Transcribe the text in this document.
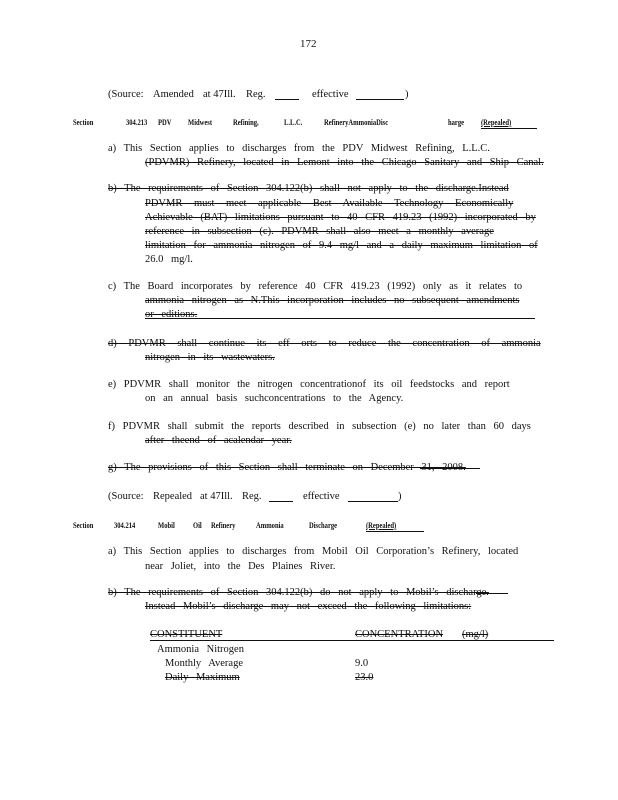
172
(Source: Amended at 47Ill. Reg.	effective	)
Section	304.213 PDV Midwest	Refining,	L.L.C.	RefineryAmmoniaDisc	harge (Repealed)
a) This Section applies to discharges from the PDV Midwest Refining, L.L.C.
(PDVMR) Refinery, located in Lemont into the Chicago Sanitary and Ship Canal.
b) The requirements of Section 304.122(b) shall not apply to the discharge.Instead
PDVMR must meet applicable Best Available Technology Economically
Achievable (BAT) limitations pursuant to 40 CFR 419.23 (1992) incorporated by
reference in subsection (c). PDVMR shall also meet a monthly average
limitation for ammonia nitrogen of 9.4 mg/l and a daily maximum limitation of
26.0 mg/l.
c) The Board incorporates by reference 40 CFR 419.23 (1992) only as it relates to
ammonia nitrogen as N.This incorporation includes no subsequent amendments
or editions.
d) PDVMR shall continue its eff orts to reduce the concentration of ammonia
nitrogen in its wastewaters.
e) PDVMR shall monitor the nitrogen concentrationof its oil feedstocks and report
on an annual basis suchconcentrations to the Agency.
f) PDVMR shall submit the reports described in subsection (e) no later than 60 days
after theend of acalendar year.
g) The provisions of this Section shall terminate on December 31, 2008.
(Source: Repealed at 47Ill. Reg.	effective	)
Section	304.214	Mobil Oil Refinery	Ammonia	Discharge	(Repealed)
a) This Section applies to discharges from Mobil Oil Corporation’s Refinery, located
near Joliet, into the Des Plaines River.
b) The requirements of Section 304.122(b) do not apply to Mobil’s discharge.
Instead Mobil’s discharge may not exceed the following limitations:
CONSTITUENT	CONCENTRATION (mg/l)
Ammonia Nitrogen
Monthly Average	9.0
Daily Maximum	23.0
